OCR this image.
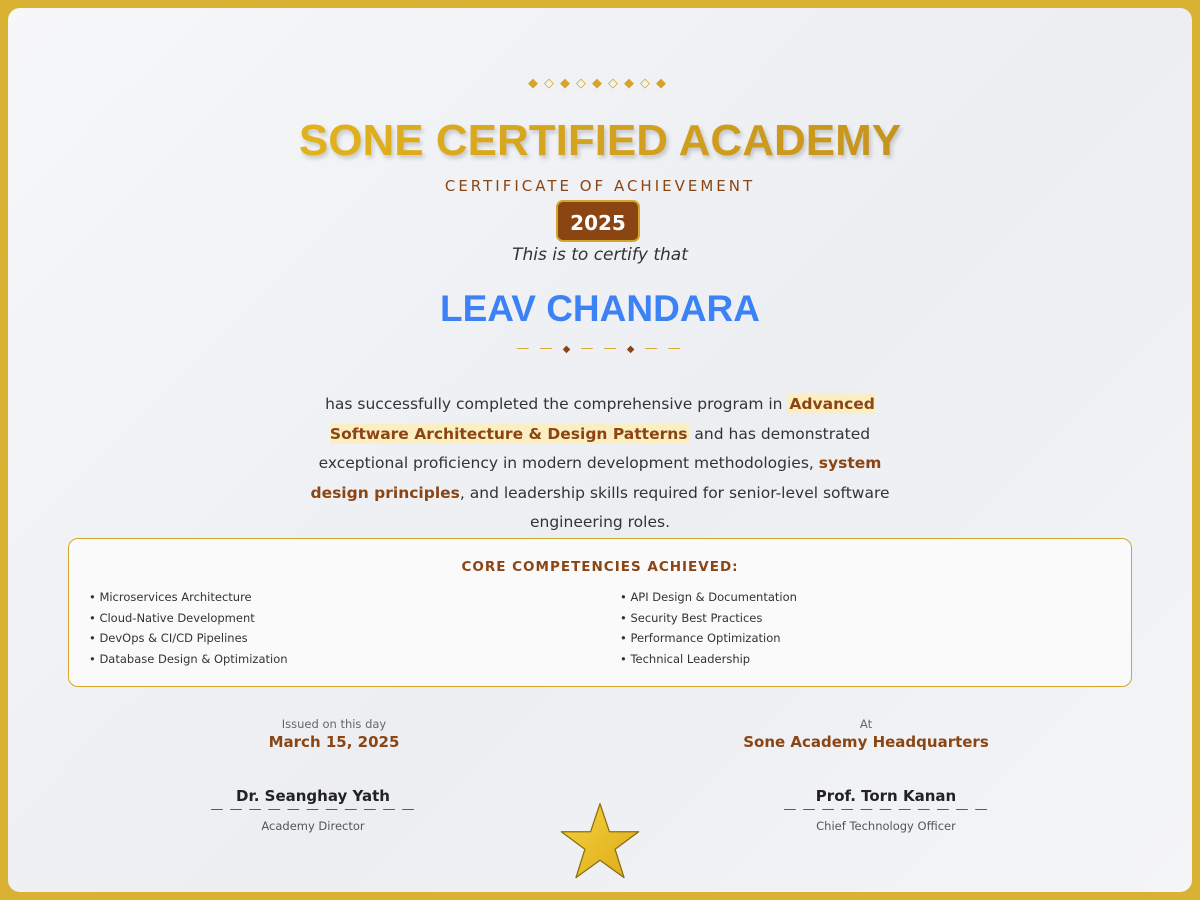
◆◇◆◇◆◇◆◇◆
SONE CERTIFIED ACADEMY
CERTIFICATE OF ACHIEVEMENT
2025
This is to certify that
LEAV CHANDARA
— — ◆ — — ◆ — —
has successfully completed the comprehensive program in Advanced Software Architecture & Design Patterns and has demonstrated exceptional proficiency in modern development methodologies, system design principles, and leadership skills required for senior-level software engineering roles.
CORE COMPETENCIES ACHIEVED:
• Microservices Architecture
• Cloud-Native Development
• DevOps & CI/CD Pipelines
• Database Design & Optimization
• API Design & Documentation
• Security Best Practices
• Performance Optimization
• Technical Leadership
Issued on this day
March 15, 2025
At
Sone Academy Headquarters
Dr. Seanghay Yath
— — — — — — — — — — —
Academy Director
Prof. Torn Kanan
— — — — — — — — — — —
Chief Technology Officer
